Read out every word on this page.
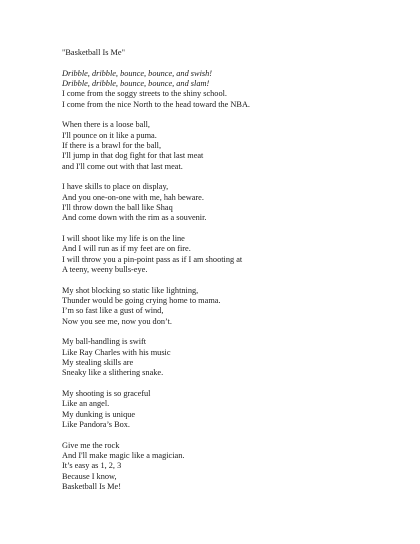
"Basketball Is Me"
Dribble, dribble, bounce, bounce, and swish!
Dribble, dribble, bounce, bounce, and slam!
I come from the soggy streets to the shiny school.
I come from the nice North to the head toward the NBA.
When there is a loose ball,
I'll pounce on it like a puma.
If there is a brawl for the ball,
I'll jump in that dog fight for that last meat
and I'll come out with that last meat.
I have skills to place on display,
And you one-on-one with me, hah beware.
I'll throw down the ball like Shaq
And come down with the rim as a souvenir.
I will shoot like my life is on the line
And I will run as if my feet are on fire.
I will throw you a pin-point pass as if I am shooting at
A teeny, weeny bulls-eye.
My shot blocking so static like lightning,
Thunder would be going crying home to mama.
I’m so fast like a gust of wind,
Now you see me, now you don’t.
My ball-handling is swift
Like Ray Charles with his music
My stealing skills are
Sneaky like a slithering snake.
My shooting is so graceful
Like an angel.
My dunking is unique
Like Pandora’s Box.
Give me the rock
And I'll make magic like a magician.
It’s easy as 1, 2, 3
Because I know,
Basketball Is Me!
